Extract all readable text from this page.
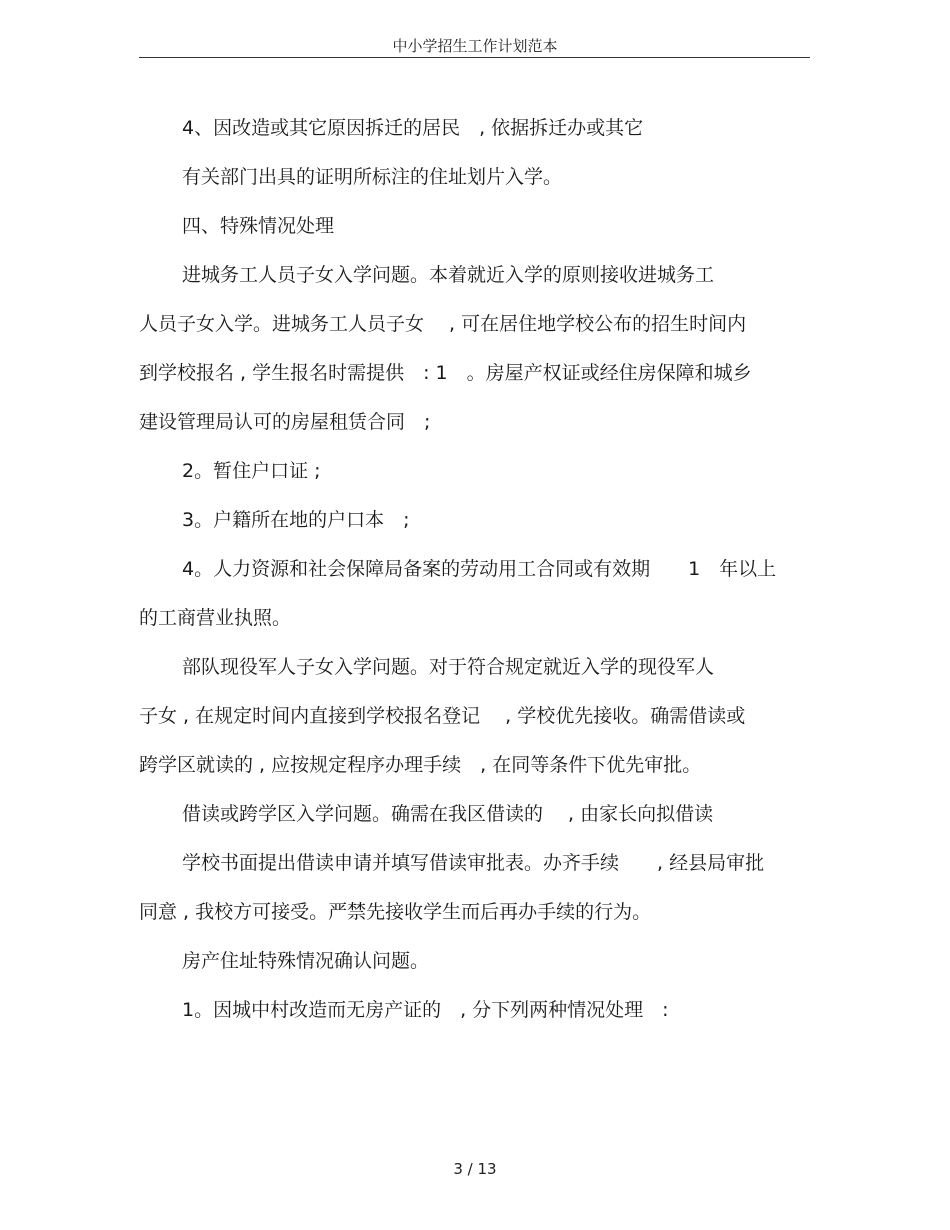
中小学招生工作计划范本
4、因改造或其它原因拆迁的居民　, 依据拆迁办或其它
有关部门出具的证明所标注的住址划片入学。
四、特殊情况处理
进城务工人员子女入学问题。本着就近入学的原则接收进城务工
人员子女入学。进城务工人员子女　 , 可在居住地学校公布的招生时间内
到学校报名 , 学生报名时需提供　: 1　。房屋产权证或经住房保障和城乡
建设管理局认可的房屋租赁合同　;
2。暂住户口证 ;
3。户籍所在地的户口本　;
4。人力资源和社会保障局备案的劳动用工合同或有效期　　1　年以上
的工商营业执照。
部队现役军人子女入学问题。对于符合规定就近入学的现役军人
子女 , 在规定时间内直接到学校报名登记　 , 学校优先接收。确需借读或
跨学区就读的 , 应按规定程序办理手续　, 在同等条件下优先审批。
借读或跨学区入学问题。确需在我区借读的　 , 由家长向拟借读
学校书面提出借读申请并填写借读审批表。办齐手续　　, 经县局审批
同意 , 我校方可接受。严禁先接收学生而后再办手续的行为。
房产住址特殊情况确认问题。
1。因城中村改造而无房产证的　, 分下列两种情况处理　:
3 / 13
